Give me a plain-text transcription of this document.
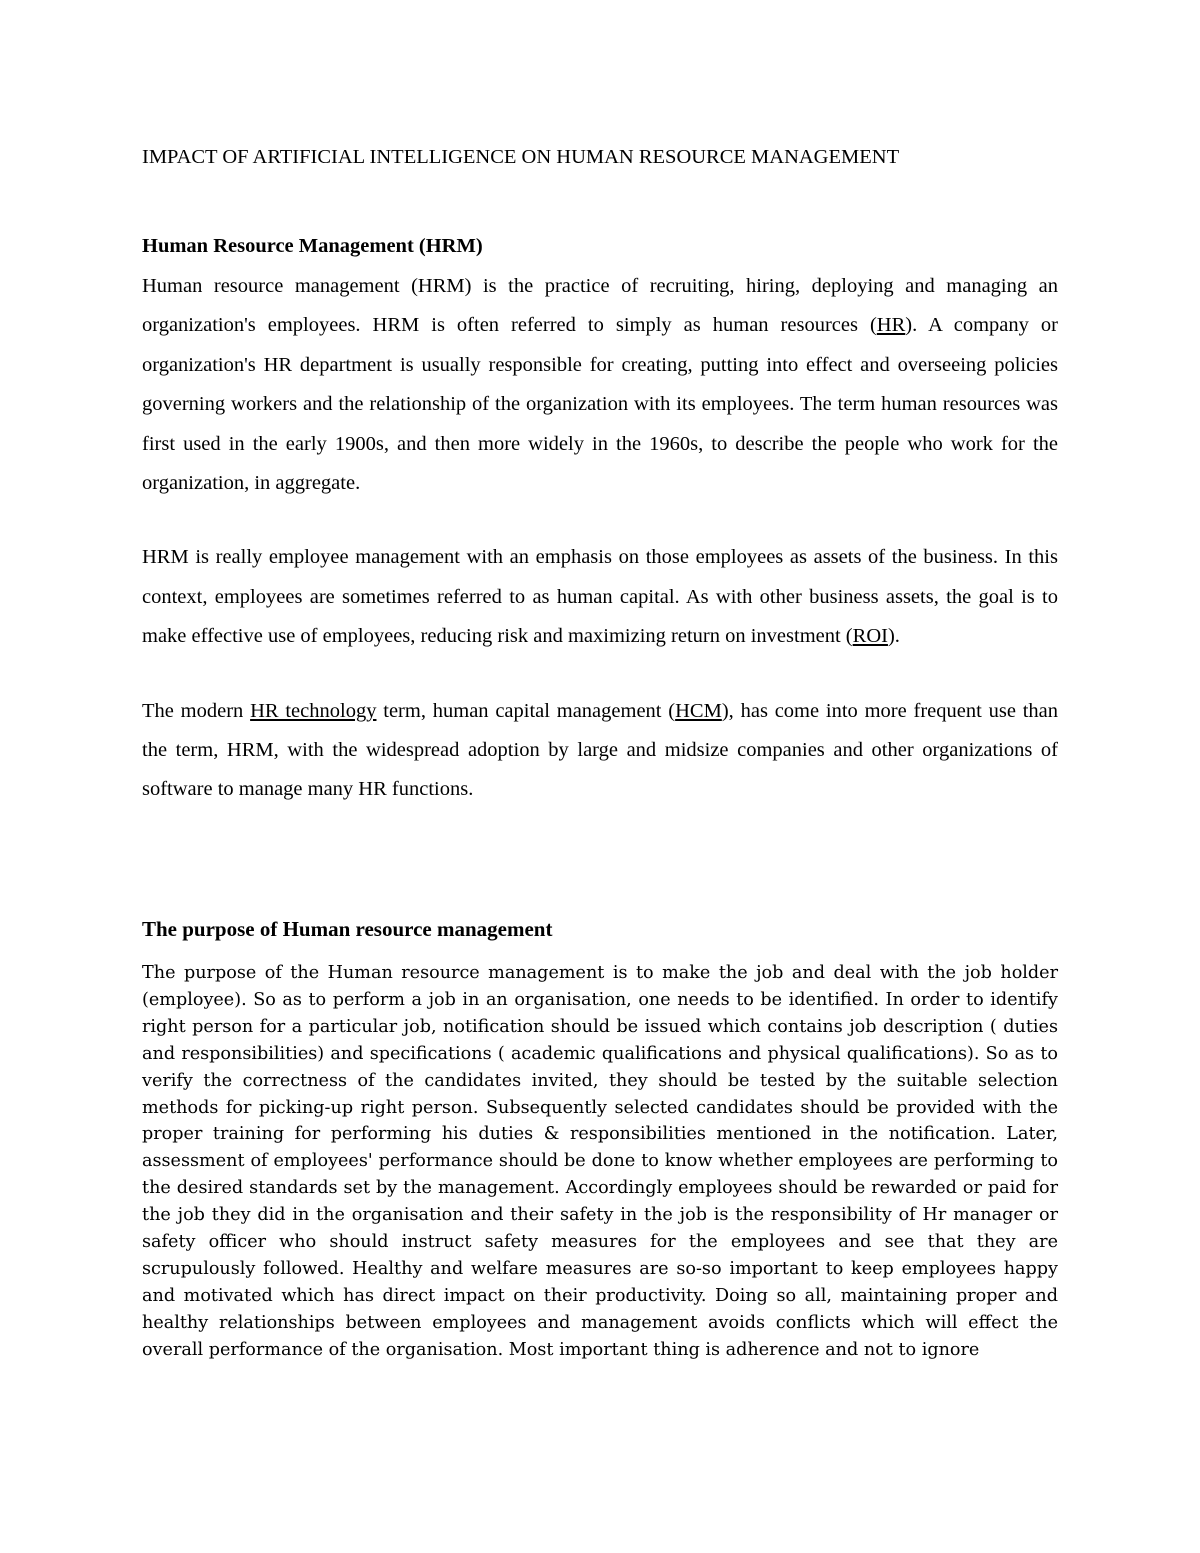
IMPACT OF ARTIFICIAL INTELLIGENCE ON HUMAN RESOURCE MANAGEMENT
Human Resource Management (HRM)

Human resource management (HRM) is the practice of recruiting, hiring, deploying and managing an organization's employees. HRM is often referred to simply as human resources (HR). A company or organization's HR department is usually responsible for creating, putting into effect and overseeing policies governing workers and the relationship of the organization with its employees. The term human resources was first used in the early 1900s, and then more widely in the 1960s, to describe the people who work for the organization, in aggregate.

HRM is really employee management with an emphasis on those employees as assets of the business. In this context, employees are sometimes referred to as human capital. As with other business assets, the goal is to make effective use of employees, reducing risk and maximizing return on investment (ROI).

The modern HR technology term, human capital management (HCM), has come into more frequent use than the term, HRM, with the widespread adoption by large and midsize companies and other organizations of software to manage many HR functions.

The purpose of Human resource management

The purpose of the Human resource management is to make the job and deal with the job holder (employee). So as to perform a job in an organisation, one needs to be identified. In order to identify right person for a particular job, notification should be issued which contains job description ( duties and responsibilities) and specifications ( academic qualifications and physical qualifications). So as to verify the correctness of the candidates invited, they should be tested by the suitable selection methods for picking-up right person. Subsequently selected candidates should be provided with the proper training for performing his duties & responsibilities mentioned in the notification. Later, assessment of employees' performance should be done to know whether employees are performing to the desired standards set by the management. Accordingly employees should be rewarded or paid for the job they did in the organisation and their safety in the job is the responsibility of Hr manager or safety officer who should instruct safety measures for the employees and see that they are scrupulously followed. Healthy and welfare measures are so-so important to keep employees happy and motivated which has direct impact on their productivity. Doing so all, maintaining proper and healthy relationships between employees and management avoids conflicts which will effect the overall performance of the organisation. Most important thing is adherence and not to ignore
